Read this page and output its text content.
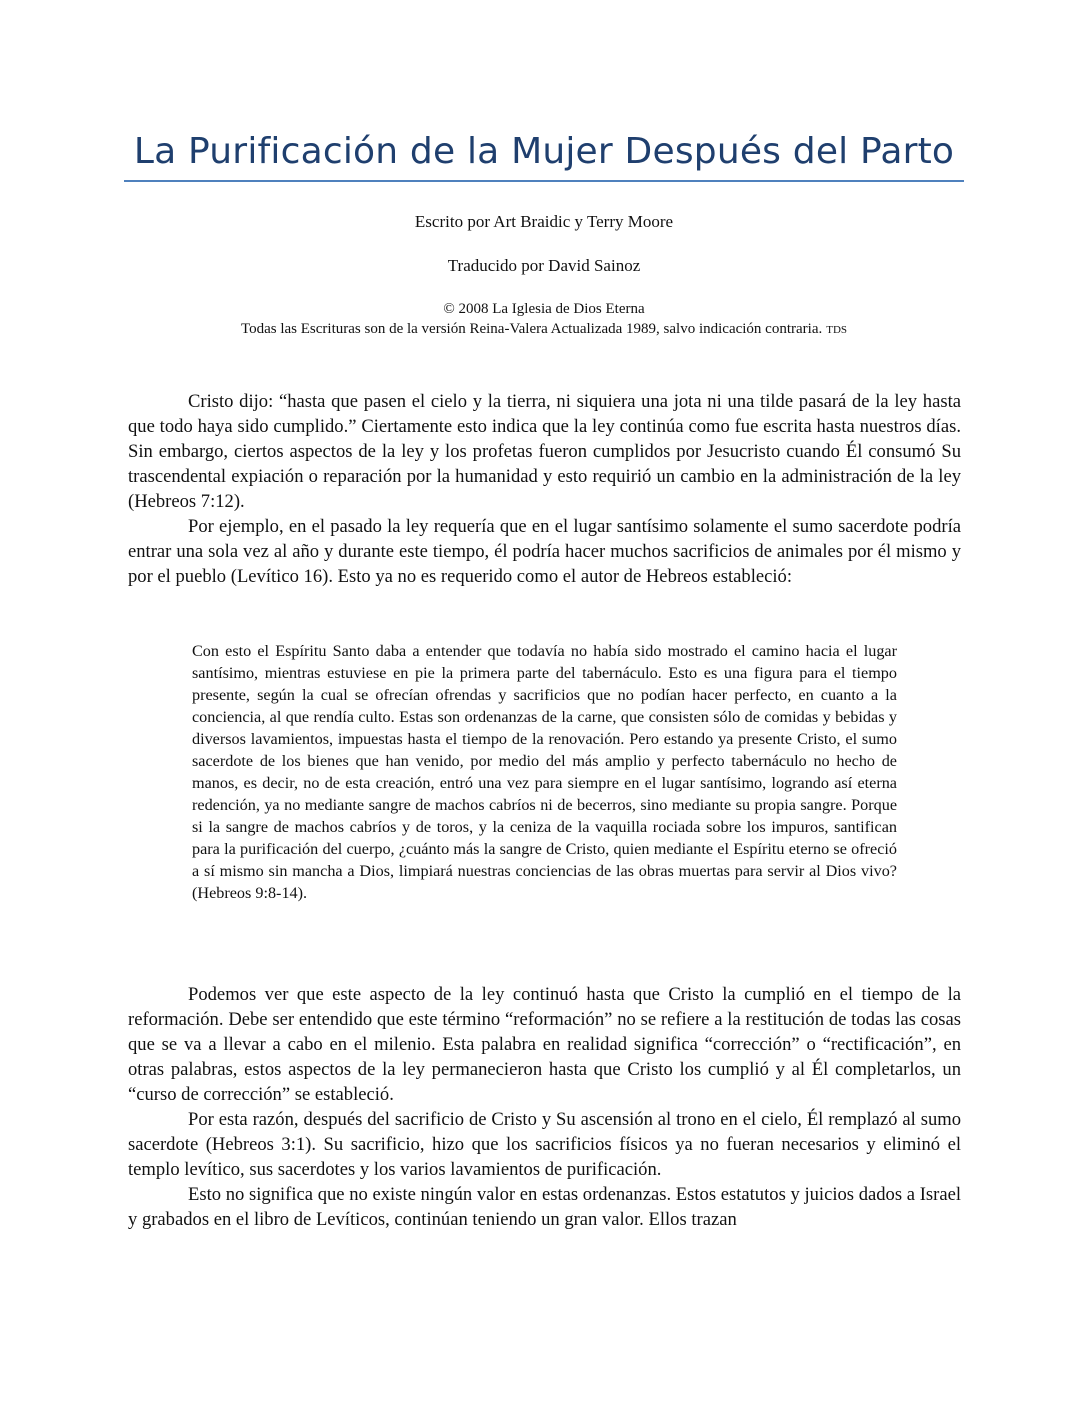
La Purificación de la Mujer Después del Parto

Escrito por Art Braidic y Terry Moore

Traducido por David Sainoz

© 2008 La Iglesia de Dios Eterna

Todas las Escrituras son de la versión Reina-Valera Actualizada 1989, salvo indicación contraria. TDS

Cristo dijo: “hasta que pasen el cielo y la tierra, ni siquiera una jota ni una tilde pasará de la ley hasta que todo haya sido cumplido.” Ciertamente esto indica que la ley continúa como fue escrita hasta nuestros días. Sin embargo, ciertos aspectos de la ley y los profetas fueron cumplidos por Jesucristo cuando Él consumó Su trascendental expiación o reparación por la humanidad y esto requirió un cambio en la administración de la ley (Hebreos 7:12).

Por ejemplo, en el pasado la ley requería que en el lugar santísimo solamente el sumo sacerdote podría entrar una sola vez al año y durante este tiempo, él podría hacer muchos sacrificios de animales por él mismo y por el pueblo (Levítico 16). Esto ya no es requerido como el autor de Hebreos estableció:

Con esto el Espíritu Santo daba a entender que todavía no había sido mostrado el camino hacia el lugar santísimo, mientras estuviese en pie la primera parte del tabernáculo. Esto es una figura para el tiempo presente, según la cual se ofrecían ofrendas y sacrificios que no podían hacer perfecto, en cuanto a la conciencia, al que rendía culto. Estas son ordenanzas de la carne, que consisten sólo de comidas y bebidas y diversos lavamientos, impuestas hasta el tiempo de la renovación. Pero estando ya presente Cristo, el sumo sacerdote de los bienes que han venido, por medio del más amplio y perfecto tabernáculo no hecho de manos, es decir, no de esta creación, entró una vez para siempre en el lugar santísimo, logrando así eterna redención, ya no mediante sangre de machos cabríos ni de becerros, sino mediante su propia sangre. Porque si la sangre de machos cabríos y de toros, y la ceniza de la vaquilla rociada sobre los impuros, santifican para la purificación del cuerpo, ¿cuánto más la sangre de Cristo, quien mediante el Espíritu eterno se ofreció a sí mismo sin mancha a Dios, limpiará nuestras conciencias de las obras muertas para servir al Dios vivo? (Hebreos 9:8-14).

Podemos ver que este aspecto de la ley continuó hasta que Cristo la cumplió en el tiempo de la reformación. Debe ser entendido que este término “reformación” no se refiere a la restitución de todas las cosas que se va a llevar a cabo en el milenio. Esta palabra en realidad significa “corrección” o “rectificación”, en otras palabras, estos aspectos de la ley permanecieron hasta que Cristo los cumplió y al Él completarlos, un “curso de corrección” se estableció.

Por esta razón, después del sacrificio de Cristo y Su ascensión al trono en el cielo, Él remplazó al sumo sacerdote (Hebreos 3:1). Su sacrificio, hizo que los sacrificios físicos ya no fueran necesarios y eliminó el templo levítico, sus sacerdotes y los varios lavamientos de purificación.

Esto no significa que no existe ningún valor en estas ordenanzas. Estos estatutos y juicios dados a Israel y grabados en el libro de Levíticos, continúan teniendo un gran valor. Ellos trazan
